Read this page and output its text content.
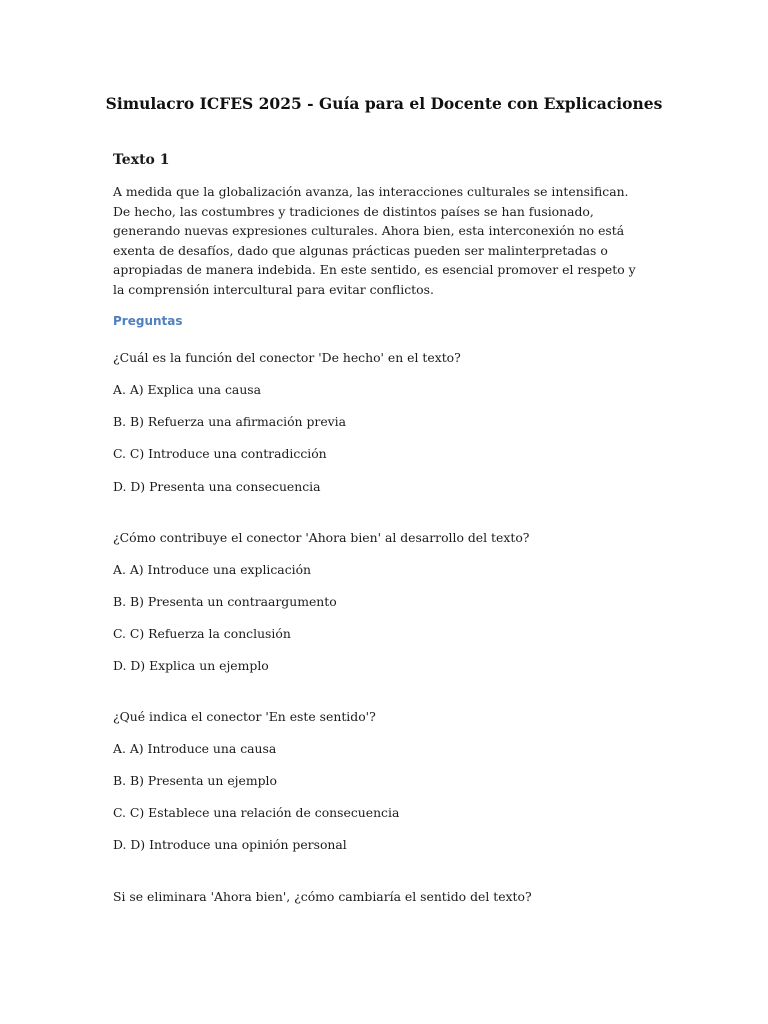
Simulacro ICFES 2025 - Guía para el Docente con Explicaciones
Texto 1

A medida que la globalización avanza, las interacciones culturales se intensifican. De hecho, las costumbres y tradiciones de distintos países se han fusionado, generando nuevas expresiones culturales. Ahora bien, esta interconexión no está exenta de desafíos, dado que algunas prácticas pueden ser malinterpretadas o apropiadas de manera indebida. En este sentido, es esencial promover el respeto y la comprensión intercultural para evitar conflictos.

Preguntas

¿Cuál es la función del conector 'De hecho' en el texto?

A. A) Explica una causa

B. B) Refuerza una afirmación previa

C. C) Introduce una contradicción

D. D) Presenta una consecuencia

¿Cómo contribuye el conector 'Ahora bien' al desarrollo del texto?

A. A) Introduce una explicación

B. B) Presenta un contraargumento

C. C) Refuerza la conclusión

D. D) Explica un ejemplo

¿Qué indica el conector 'En este sentido'?

A. A) Introduce una causa

B. B) Presenta un ejemplo

C. C) Establece una relación de consecuencia

D. D) Introduce una opinión personal

Si se eliminara 'Ahora bien', ¿cómo cambiaría el sentido del texto?
